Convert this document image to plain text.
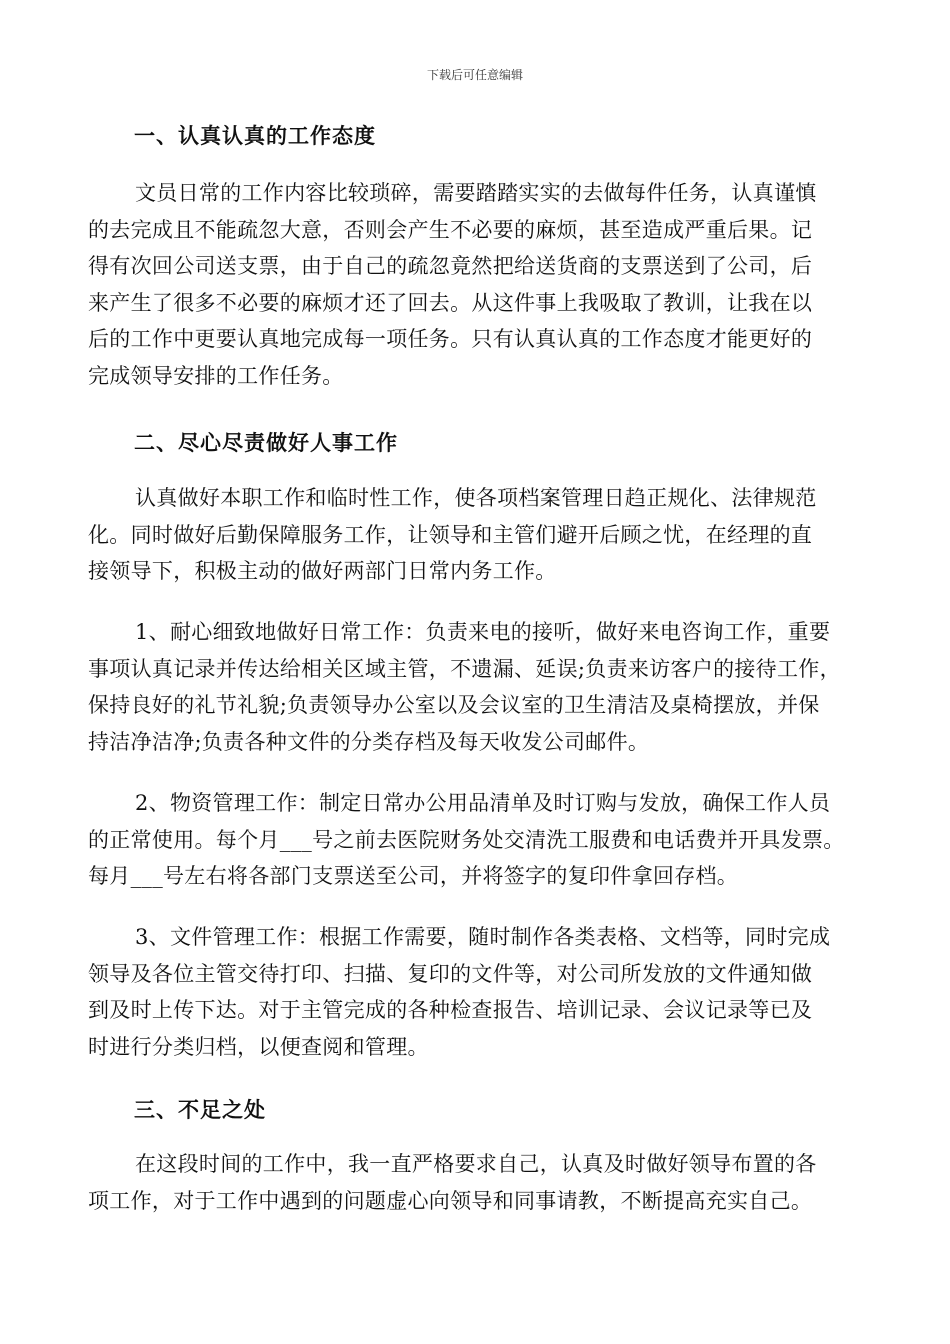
下载后可任意编辑
一、认真认真的工作态度
文员日常的工作内容比较琐碎，需要踏踏实实的去做每件任务，认真谨慎
的去完成且不能疏忽大意，否则会产生不必要的麻烦，甚至造成严重后果。记
得有次回公司送支票，由于自己的疏忽竟然把给送货商的支票送到了公司，后
来产生了很多不必要的麻烦才还了回去。从这件事上我吸取了教训，让我在以
后的工作中更要认真地完成每一项任务。只有认真认真的工作态度才能更好的
完成领导安排的工作任务。
二、尽心尽责做好人事工作
认真做好本职工作和临时性工作，使各项档案管理日趋正规化、法律规范
化。同时做好后勤保障服务工作，让领导和主管们避开后顾之忧，在经理的直
接领导下，积极主动的做好两部门日常内务工作。
1、耐心细致地做好日常工作：负责来电的接听，做好来电咨询工作，重要
事项认真记录并传达给相关区域主管，不遗漏、延误;负责来访客户的接待工作，
保持良好的礼节礼貌;负责领导办公室以及会议室的卫生清洁及桌椅摆放，并保
持洁净洁净;负责各种文件的分类存档及每天收发公司邮件。
2、物资管理工作：制定日常办公用品清单及时订购与发放，确保工作人员
的正常使用。每个月___号之前去医院财务处交清洗工服费和电话费并开具发票。
每月___号左右将各部门支票送至公司，并将签字的复印件拿回存档。
3、文件管理工作：根据工作需要，随时制作各类表格、文档等，同时完成
领导及各位主管交待打印、扫描、复印的文件等，对公司所发放的文件通知做
到及时上传下达。对于主管完成的各种检查报告、培训记录、会议记录等已及
时进行分类归档，以便查阅和管理。
三、不足之处
在这段时间的工作中，我一直严格要求自己，认真及时做好领导布置的各
项工作，对于工作中遇到的问题虚心向领导和同事请教，不断提高充实自己。
